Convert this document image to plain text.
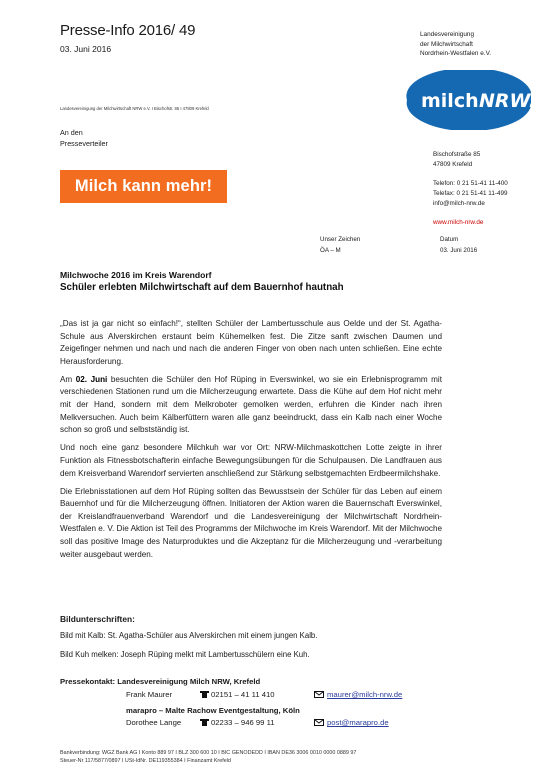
Presse-Info 2016/ 49
03. Juni 2016
Landesvereinigung
der Milchwirtschaft
Nordrhein-Westfalen e.V.
milch NRW.
Landesvereinigung der Milchwirtschaft NRW e.V. I Bischofstr. 85 I 47809 Krefeld
An den
Presseverteiler
Milch kann mehr!
Bischofstraße 85
47809 Krefeld
Telefon: 0 21 51-41 11-400
Telefax: 0 21 51-41 11-499
info@milch-nrw.de
www.milch-nrw.de
Unser Zeichen	Datum
ÖA – M	03. Juni 2016
Milchwoche 2016 im Kreis Warendorf
Schüler erlebten Milchwirtschaft auf dem Bauernhof hautnah

„Das ist ja gar nicht so einfach!“, stellten Schüler der Lambertusschule aus Oelde und der St. Agatha-Schule aus Alverskirchen erstaunt beim Kühemelken fest. Die Zitze sanft zwischen Daumen und Zeigefinger nehmen und nach und nach die anderen Finger von oben nach unten schließen. Eine echte Herausforderung.

Am 02. Juni besuchten die Schüler den Hof Rüping in Everswinkel, wo sie ein Erlebnisprogramm mit verschiedenen Stationen rund um die Milcherzeugung erwartete. Dass die Kühe auf dem Hof nicht mehr mit der Hand, sondern mit dem Melkroboter gemolken werden, erfuhren die Kinder nach ihren Melkversuchen. Auch beim Kälberfüttern waren alle ganz beeindruckt, dass ein Kalb nach einer Woche schon so groß und selbstständig ist.

Und noch eine ganz besondere Milchkuh war vor Ort: NRW-Milchmaskottchen Lotte zeigte in ihrer Funktion als Fitnessbotschafterin einfache Bewegungsübungen für die Schulpausen. Die Landfrauen aus dem Kreisverband Warendorf servierten anschließend zur Stärkung selbstgemachten Erdbeermilchshake.

Die Erlebnisstationen auf dem Hof Rüping sollten das Bewusstsein der Schüler für das Leben auf einem Bauernhof und für die Milcherzeugung öffnen. Initiatoren der Aktion waren die Bauernschaft Everswinkel, der Kreislandfrauenverband Warendorf und die Landesvereinigung der Milchwirtschaft Nordrhein-Westfalen e. V. Die Aktion ist Teil des Programms der Milchwoche im Kreis Warendorf. Mit der Milchwoche soll das positive Image des Naturproduktes und die Akzeptanz für die Milcherzeugung und -verarbeitung weiter ausgebaut werden.

Bildunterschriften:
Bild mit Kalb: St. Agatha-Schüler aus Alverskirchen mit einem jungen Kalb.
Bild Kuh melken: Joseph Rüping melkt mit Lambertusschülern eine Kuh.
Pressekontakt: Landesvereinigung Milch NRW, Krefeld
Frank Maurer	02151 – 41 11 410	maurer@milch-nrw.de
marapro – Malte Rachow Eventgestaltung, Köln
Dorothee Lange	02233 – 946 99 11	post@marapro.de
Bankverbindung: WGZ Bank AG I Konto 889 97 I BLZ 300 600 10 I BIC GENODEDD I IBAN DE36 3006 0010 0000 0889 97
Steuer-Nr 117/5877/0897 I USt-IdNr. DE119355384 I Finanzamt Krefeld
